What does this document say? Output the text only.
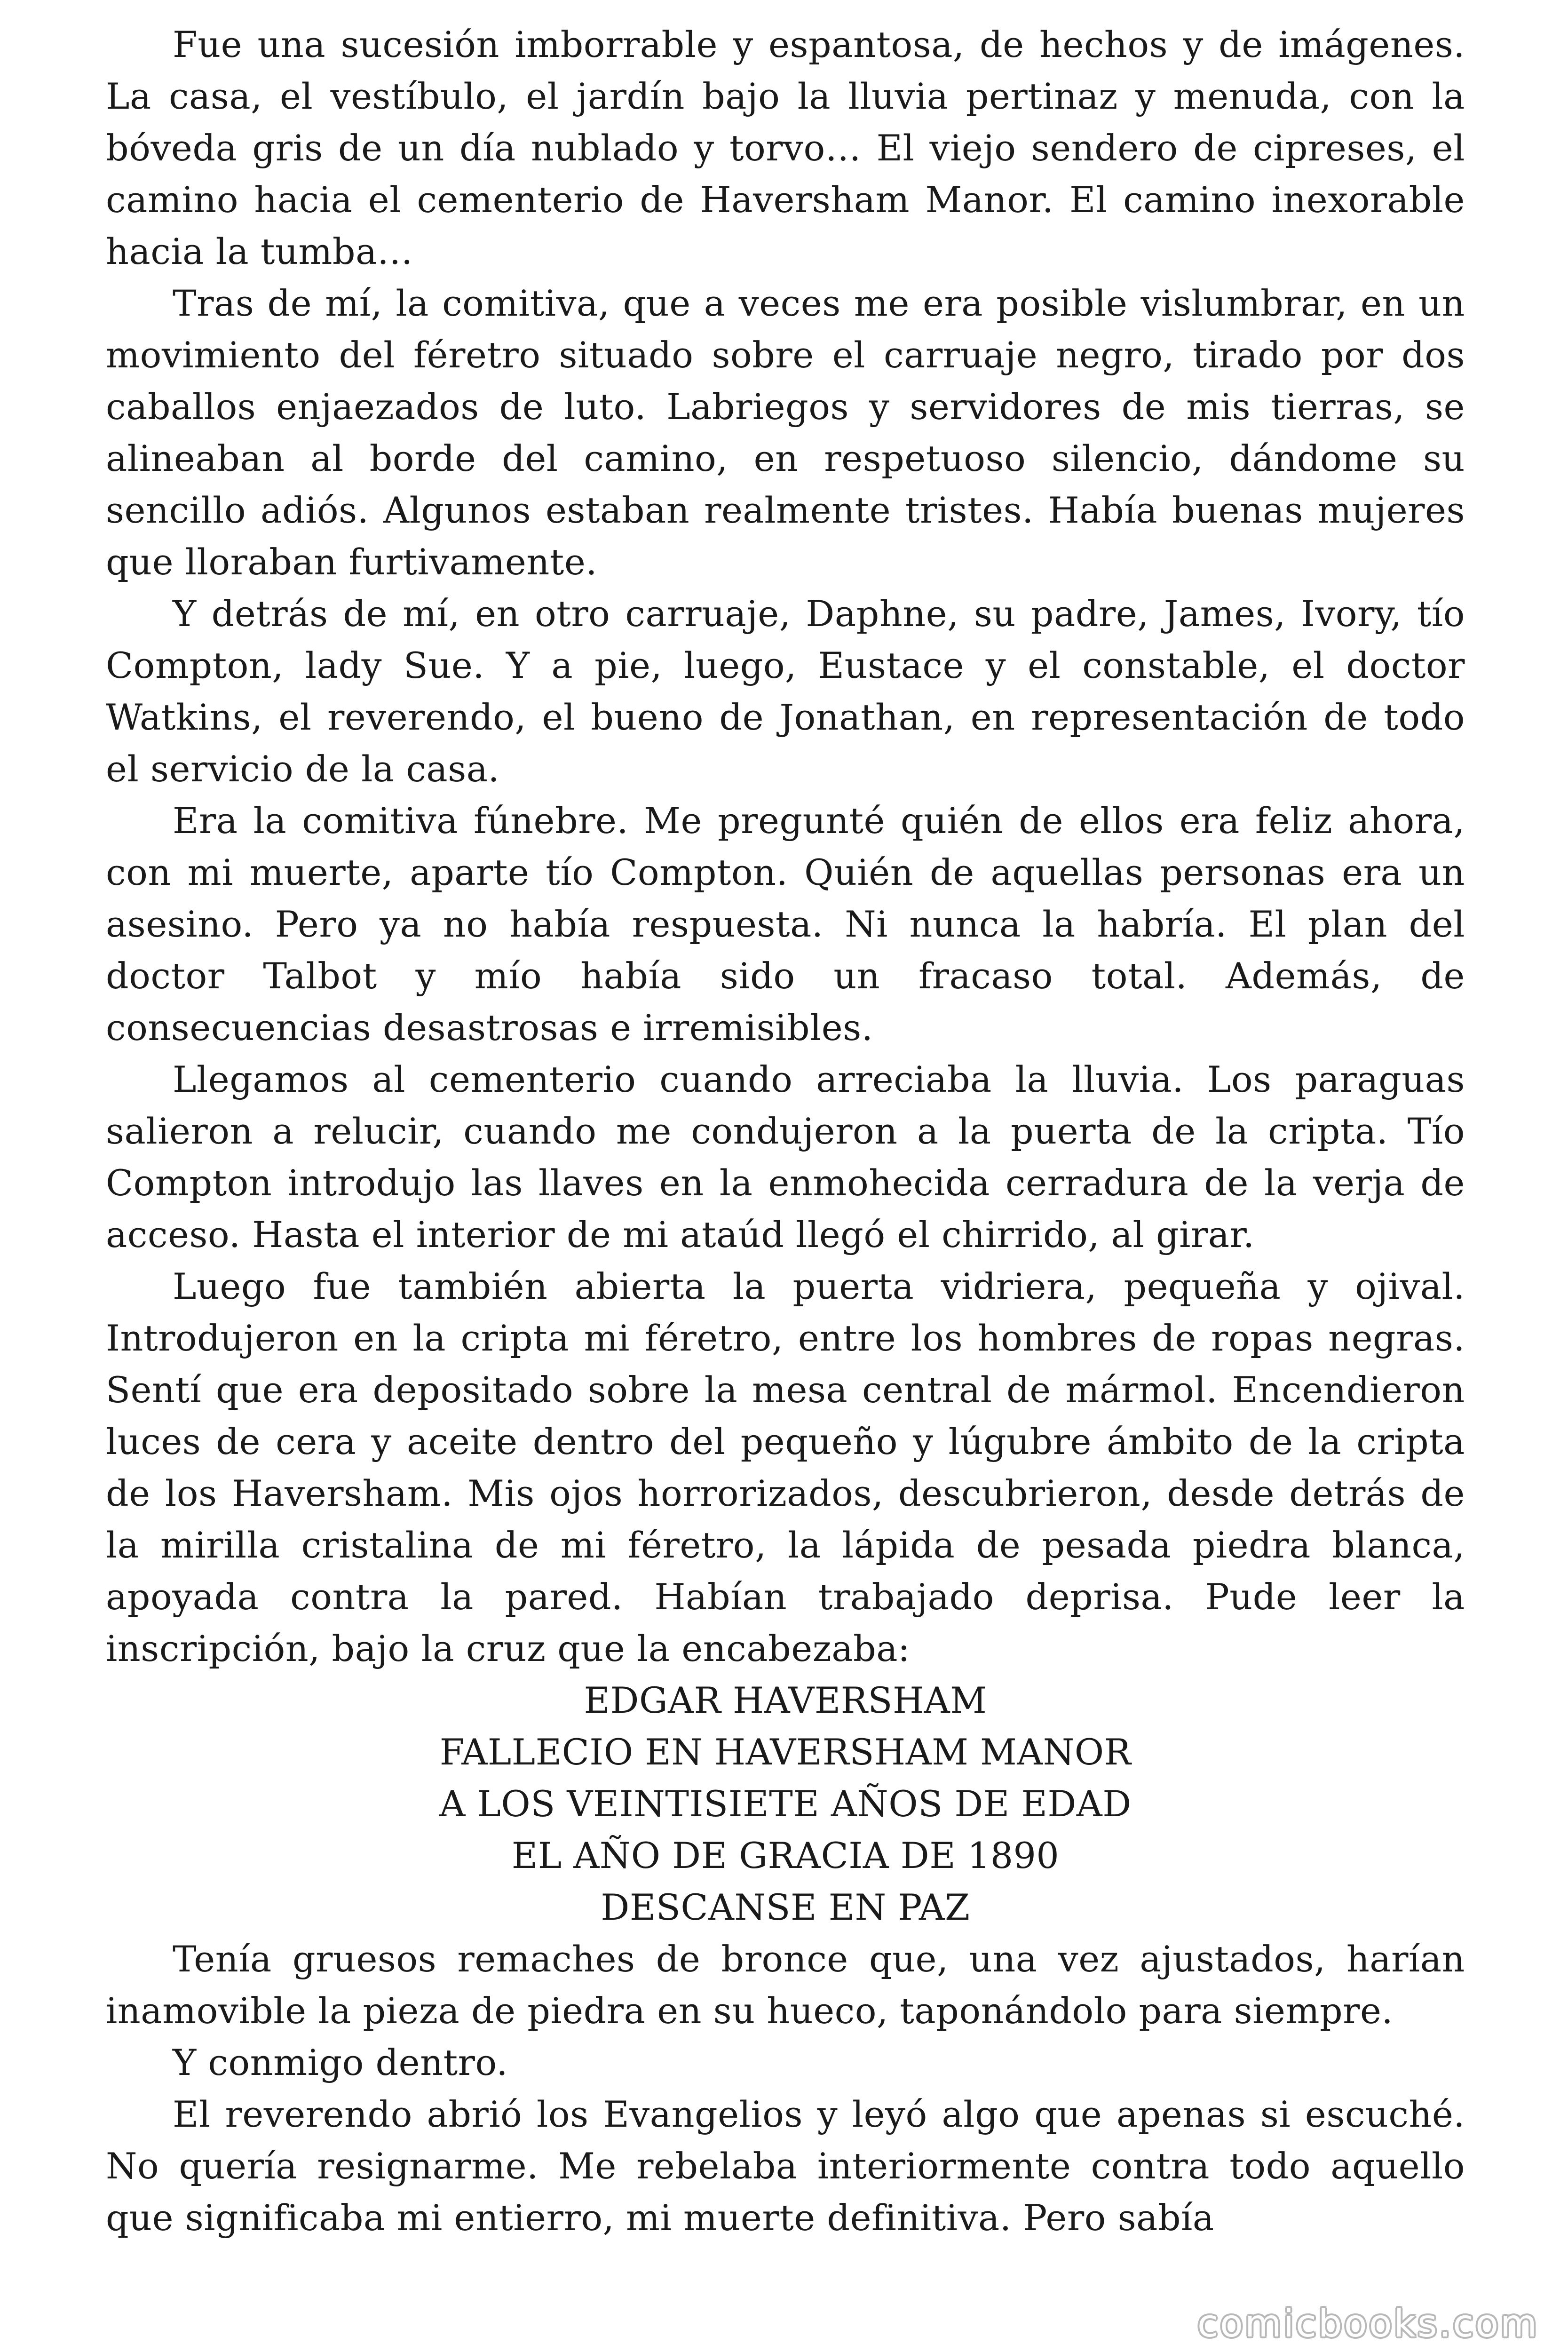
Fue una sucesión imborrable y espantosa, de hechos y de imágenes. La casa, el vestíbulo, el jardín bajo la lluvia pertinaz y menuda, con la bóveda gris de un día nublado y torvo… El viejo sendero de cipreses, el camino hacia el cementerio de Haversham Manor. El camino inexorable hacia la tumba…

Tras de mí, la comitiva, que a veces me era posible vislumbrar, en un movimiento del féretro situado sobre el carruaje negro, tirado por dos caballos enjaezados de luto. Labriegos y servidores de mis tierras, se alineaban al borde del camino, en respetuoso silencio, dándome su sencillo adiós. Algunos estaban realmente tristes. Había buenas mujeres que lloraban furtivamente.

Y detrás de mí, en otro carruaje, Daphne, su padre, James, Ivory, tío Compton, lady Sue. Y a pie, luego, Eustace y el constable, el doctor Watkins, el reverendo, el bueno de Jonathan, en representación de todo el servicio de la casa.

Era la comitiva fúnebre. Me pregunté quién de ellos era feliz ahora, con mi muerte, aparte tío Compton. Quién de aquellas personas era un asesino. Pero ya no había respuesta. Ni nunca la habría. El plan del doctor Talbot y mío había sido un fracaso total. Además, de consecuencias desastrosas e irremisibles.

Llegamos al cementerio cuando arreciaba la lluvia. Los paraguas salieron a relucir, cuando me condujeron a la puerta de la cripta. Tío Compton introdujo las llaves en la enmohecida cerradura de la verja de acceso. Hasta el interior de mi ataúd llegó el chirrido, al girar.

Luego fue también abierta la puerta vidriera, pequeña y ojival. Introdujeron en la cripta mi féretro, entre los hombres de ropas negras. Sentí que era depositado sobre la mesa central de mármol. Encendieron luces de cera y aceite dentro del pequeño y lúgubre ámbito de la cripta de los Haversham. Mis ojos horrorizados, descubrieron, desde detrás de la mirilla cristalina de mi féretro, la lápida de pesada piedra blanca, apoyada contra la pared. Habían trabajado deprisa. Pude leer la inscripción, bajo la cruz que la encabezaba:

EDGAR HAVERSHAM
FALLECIO EN HAVERSHAM MANOR
A LOS VEINTISIETE AÑOS DE EDAD
EL AÑO DE GRACIA DE 1890
DESCANSE EN PAZ

Tenía gruesos remaches de bronce que, una vez ajustados, harían inamovible la pieza de piedra en su hueco, taponándolo para siempre.

Y conmigo dentro.

El reverendo abrió los Evangelios y leyó algo que apenas si escuché. No quería resignarme. Me rebelaba interiormente contra todo aquello que significaba mi entierro, mi muerte definitiva. Pero sabía

comicbooks.com
